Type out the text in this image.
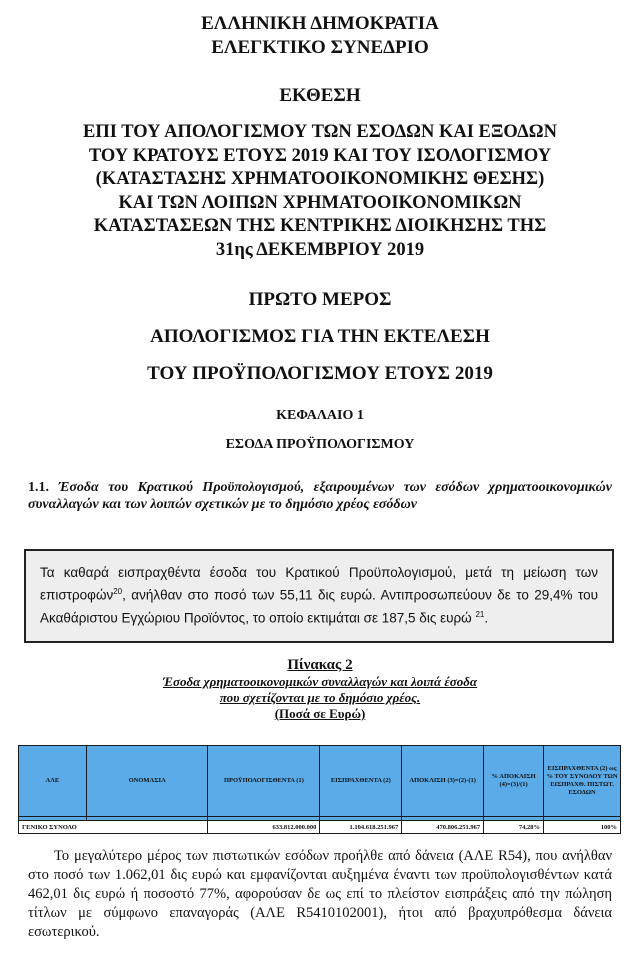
ΕΛΛΗΝΙΚΗ ΔΗΜΟΚΡΑΤΙΑ
ΕΛΕΓΚΤΙΚΟ ΣΥΝΕΔΡΙΟ
ΕΚΘΕΣΗ
ΕΠΙ ΤΟΥ ΑΠΟΛΟΓΙΣΜΟΥ ΤΩΝ ΕΣΟΔΩΝ ΚΑΙ ΕΞΟΔΩΝ
ΤΟΥ ΚΡΑΤΟΥΣ ΕΤΟΥΣ 2019 ΚΑΙ ΤΟΥ ΙΣΟΛΟΓΙΣΜΟΥ
(ΚΑΤΑΣΤΑΣΗΣ ΧΡΗΜΑΤΟΟΙΚΟΝΟΜΙΚΗΣ ΘΕΣΗΣ)
ΚΑΙ ΤΩΝ ΛΟΙΠΩΝ ΧΡΗΜΑΤΟΟΙΚΟΝΟΜΙΚΩΝ
ΚΑΤΑΣΤΑΣΕΩΝ ΤΗΣ ΚΕΝΤΡΙΚΗΣ ΔΙΟΙΚΗΣΗΣ ΤΗΣ
31ης ΔΕΚΕΜΒΡΙΟΥ 2019
ΠΡΩΤΟ ΜΕΡΟΣ
ΑΠΟΛΟΓΙΣΜΟΣ ΓΙΑ ΤΗΝ ΕΚΤΕΛΕΣΗ
ΤΟΥ ΠΡΟΫΠΟΛΟΓΙΣΜΟΥ ΕΤΟΥΣ 2019
ΚΕΦΑΛΑΙΟ 1
ΕΣΟΔΑ ΠΡΟΫΠΟΛΟΓΙΣΜΟΥ
1.1. Έσοδα του Κρατικού Προϋπολογισμού, εξαιρουμένων των εσόδων χρηματοοικονομικών συναλλαγών και των λοιπών σχετικών με το δημόσιο χρέος εσόδων
Τα καθαρά εισπραχθέντα έσοδα του Κρατικού Προϋπολογισμού, μετά τη μείωση των επιστροφών$^{20}$, ανήλθαν στο ποσό των 55,11 δις ευρώ. Αντιπροσωπεύουν δε το 29,4% του Ακαθάριστου Εγχώριου Προϊόντος, το οποίο εκτιμάται σε 187,5 δις ευρώ $^{21}$.
Πίνακας 2
Έσοδα χρηματοοικονομικών συναλλαγών και λοιπά έσοδα
που σχετίζονται με το δημόσιο χρέος.
(Ποσά σε Ευρώ)
ΑΛΕ	ΟΝΟΜΑΣΙΑ	ΠΡΟΫΠΟΛΟΓΙΣΘΕΝΤΑ (1)	ΕΙΣΠΡΑΧΘΕΝΤΑ (2)	ΑΠΟΚΛΙΣΗ (3)=(2)-(1)	% ΑΠΟΚΛΙΣΗ (4)=(3)/(1)	ΕΙΣΠΡΑΧΘΕΝΤΑ (2) ως % ΤΟΥ ΣΥΝΟΛΟΥ ΤΩΝ ΕΙΣΠΡΑΧΘ. ΠΙΣΤΩΤ. ΕΣΟΔΩΝ

ΓΕΝΙΚΟ ΣΥΝΟΛΟ		633.812.000.000	1.104.618.251.967	470.806.251.967	74,28%	100%
Το μεγαλύτερο μέρος των πιστωτικών εσόδων προήλθε από δάνεια (ΑΛΕ R54), που ανήλθαν στο ποσό των 1.062,01 δις ευρώ και εμφανίζονται αυξημένα έναντι των προϋπολογισθέντων κατά 462,01 δις ευρώ ή ποσοστό 77%, αφορούσαν δε ως επί το πλείστον εισπράξεις από την πώληση τίτλων με σύμφωνο επαναγοράς (ΑΛΕ R5410102001), ήτοι από βραχυπρόθεσμα δάνεια εσωτερικού.
